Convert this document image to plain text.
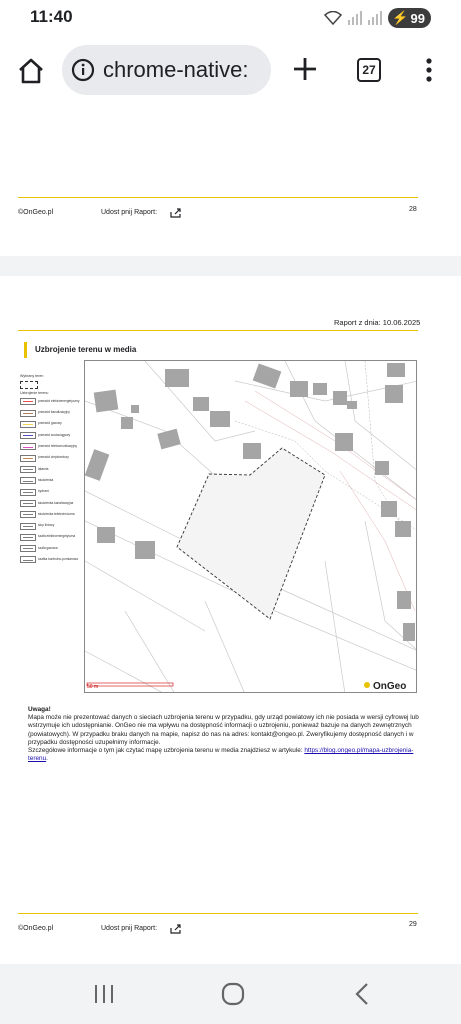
11:40	⚡ 99
chrome-native:	27
©OnGeo.pl	Udost pnij Raport:	28
Raport z dnia: 10.06.2025
Uzbrojenie terenu w media
Wybrany teren
Uzbrojenie terenu
przewód elektroenergetyczny
przewód kanalizacyjny
przewód gazowy
przewód wodociągowy
przewód telekomunikacyjny
przewód ciepłowniczy
latarnia
studzienka
hydrant
studzienka kanalizacyjna
studzienka teletechniczna
słup liniowy
szafa elektroenergetyczna
szafa gazowa
szafka kontrolno-pomiarowa
OnGeo
50 m
Uwaga!
Mapa może nie prezentować danych o sieciach uzbrojenia terenu w przypadku, gdy urząd powiatowy ich nie posiada w wersji cyfrowej lub wstrzymuje ich udostępnianie. OnGeo nie ma wpływu na dostępność informacji o uzbrojeniu, ponieważ bazuje na danych zewnętrznych (powiatowych). W przypadku braku danych na mapie, napisz do nas na adres: kontakt@ongeo.pl. Zweryfikujemy dostępność danych i w przypadku dostępności uzupełnimy informacje.
Szczegółowe informacje o tym jak czytać mapę uzbrojenia terenu w media znajdziesz w artykule: https://blog.ongeo.pl/mapa-uzbrojenia-terenu.
©OnGeo.pl	Udost pnij Raport:
29
